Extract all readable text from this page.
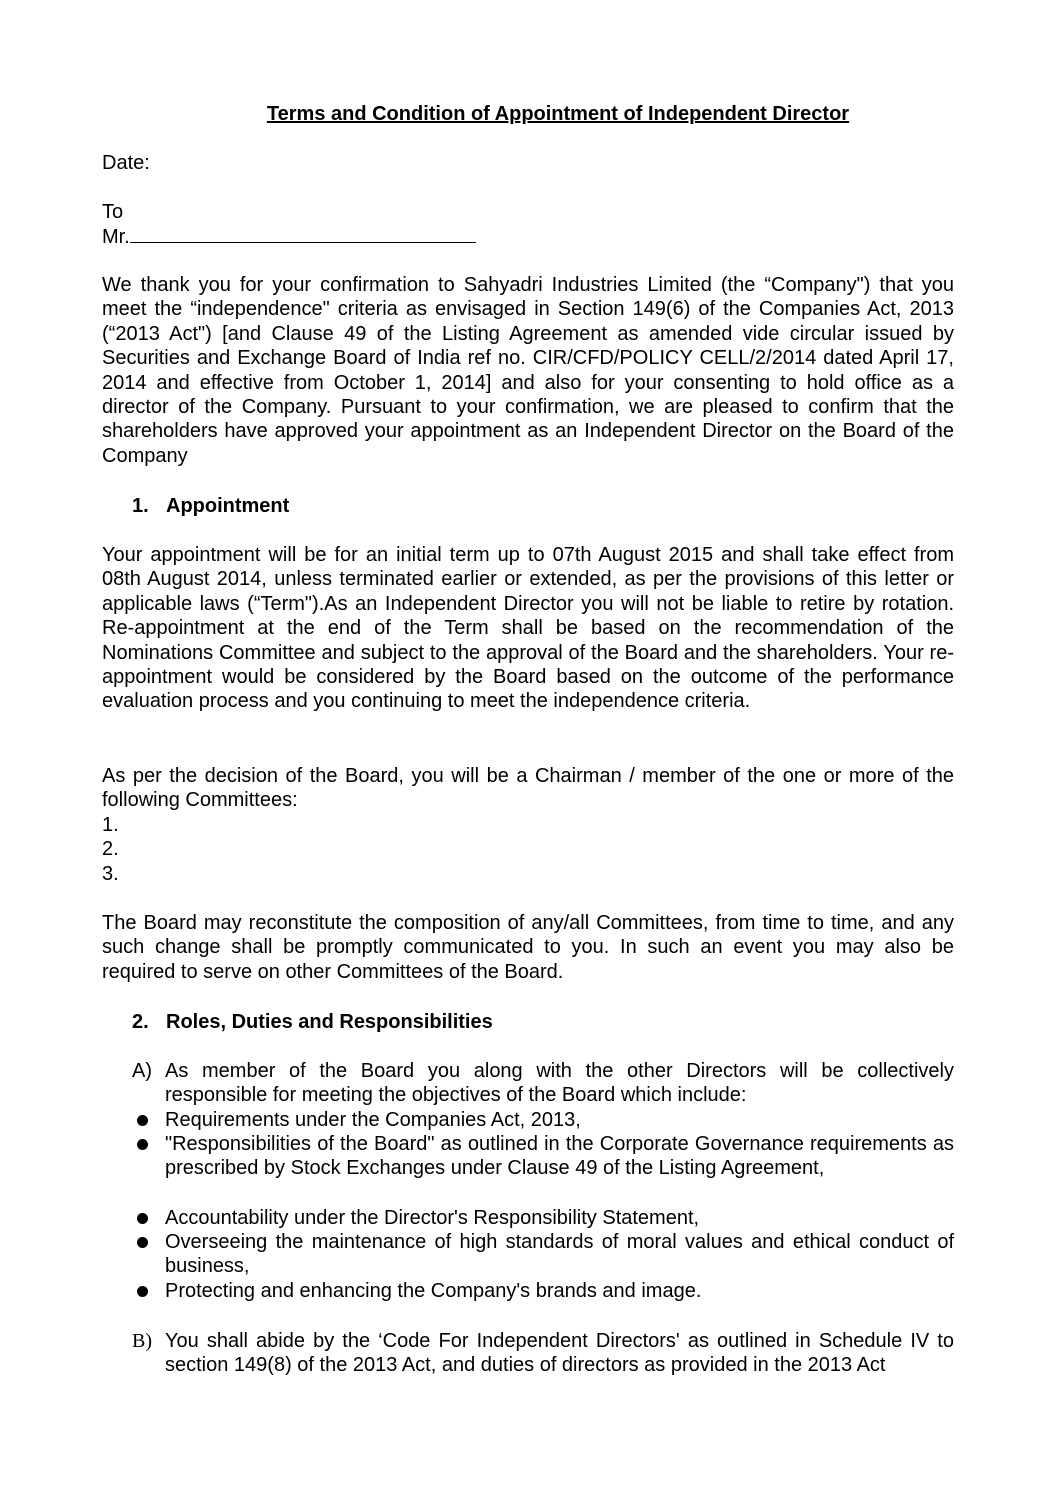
Terms and Condition of Appointment of Independent Director
Date:
To
Mr.
We thank you for your confirmation to Sahyadri Industries Limited (the “Company") that you meet the “independence" criteria as envisaged in Section 149(6) of the Companies Act, 2013 (“2013 Act") [and Clause 49 of the Listing Agreement as amended vide circular issued by Securities and Exchange Board of India ref no. CIR/CFD/POLICY CELL/2/2014 dated April 17, 2014 and effective from October 1, 2014] and also for your consenting to hold office as a director of the Company. Pursuant to your confirmation, we are pleased to confirm that the shareholders have approved your appointment as an Independent Director on the Board of the Company
1. Appointment
Your appointment will be for an initial term up to 07th August 2015 and shall take effect from 08th August 2014, unless terminated earlier or extended, as per the provisions of this letter or applicable laws (“Term").As an Independent Director you will not be liable to retire by rotation. Re-appointment at the end of the Term shall be based on the recommendation of the Nominations Committee and subject to the approval of the Board and the shareholders. Your re-appointment would be considered by the Board based on the outcome of the performance evaluation process and you continuing to meet the independence criteria.
As per the decision of the Board, you will be a Chairman / member of the one or more of the following Committees:
1.
2.
3.
The Board may reconstitute the composition of any/all Committees, from time to time, and any such change shall be promptly communicated to you. In such an event you may also be required to serve on other Committees of the Board.
2. Roles, Duties and Responsibilities
A) As member of the Board you along with the other Directors will be collectively responsible for meeting the objectives of the Board which include:
Requirements under the Companies Act, 2013,
"Responsibilities of the Board" as outlined in the Corporate Governance requirements as prescribed by Stock Exchanges under Clause 49 of the Listing Agreement,
Accountability under the Director's Responsibility Statement,
Overseeing the maintenance of high standards of moral values and ethical conduct of business,
Protecting and enhancing the Company's brands and image.
B) You shall abide by the ‘Code For Independent Directors' as outlined in Schedule IV to section 149(8) of the 2013 Act, and duties of directors as provided in the 2013 Act
